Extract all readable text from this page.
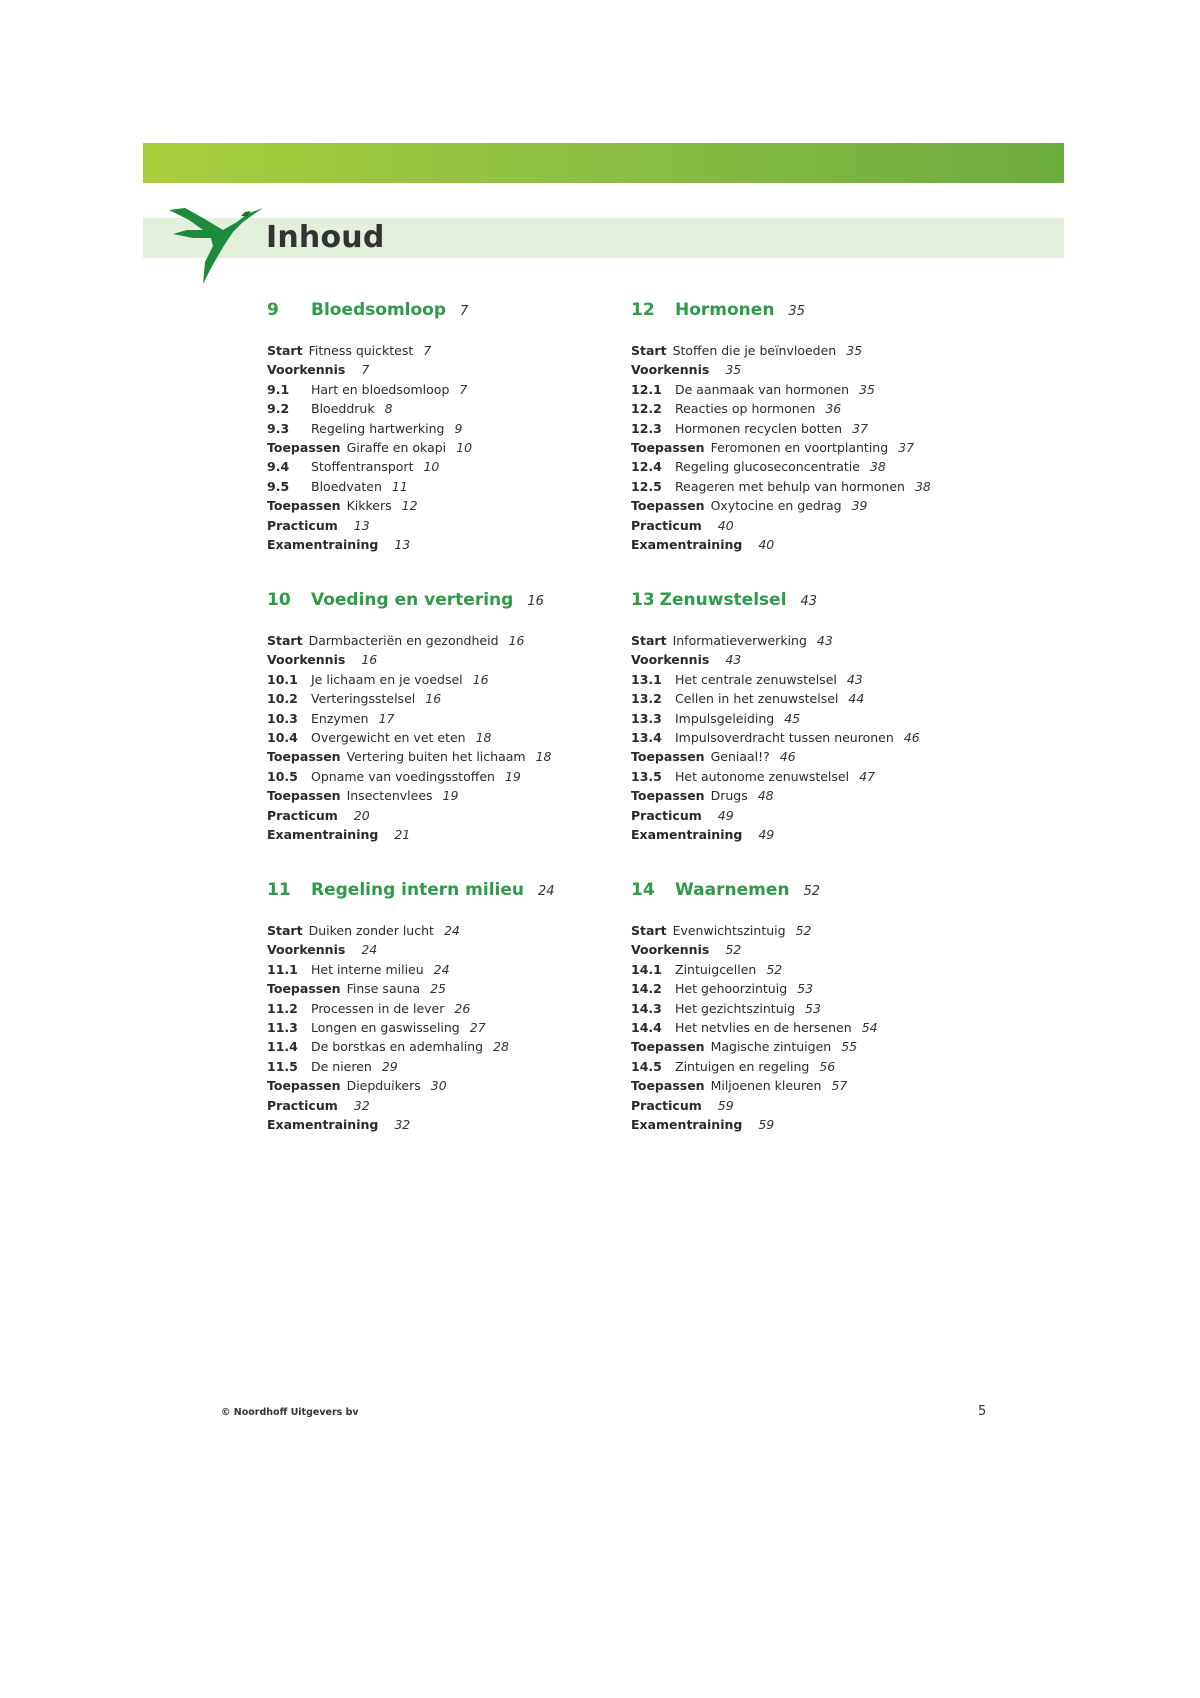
Inhoud
9 Bloedsomloop 7
Start Fitness quicktest 7
Voorkennis 7
9.1 Hart en bloedsomloop 7
9.2 Bloeddruk 8
9.3 Regeling hartwerking 9
Toepassen Giraffe en okapi 10
9.4 Stoffentransport 10
9.5 Bloedvaten 11
Toepassen Kikkers 12
Practicum 13
Examentraining 13
12 Hormonen 35
Start Stoffen die je beïnvloeden 35
Voorkennis 35
12.1 De aanmaak van hormonen 35
12.2 Reacties op hormonen 36
12.3 Hormonen recyclen botten 37
Toepassen Feromonen en voortplanting 37
12.4 Regeling glucoseconcentratie 38
12.5 Reageren met behulp van hormonen 38
Toepassen Oxytocine en gedrag 39
Practicum 40
Examentraining 40
10 Voeding en vertering 16
Start Darmbacteriën en gezondheid 16
Voorkennis 16
10.1 Je lichaam en je voedsel 16
10.2 Verteringsstelsel 16
10.3 Enzymen 17
10.4 Overgewicht en vet eten 18
Toepassen Vertering buiten het lichaam 18
10.5 Opname van voedingsstoffen 19
Toepassen Insectenvlees 19
Practicum 20
Examentraining 21
13 Zenuwstelsel 43
Start Informatieverwerking 43
Voorkennis 43
13.1 Het centrale zenuwstelsel 43
13.2 Cellen in het zenuwstelsel 44
13.3 Impulsgeleiding 45
13.4 Impulsoverdracht tussen neuronen 46
Toepassen Geniaal!? 46
13.5 Het autonome zenuwstelsel 47
Toepassen Drugs 48
Practicum 49
Examentraining 49
11 Regeling intern milieu 24
Start Duiken zonder lucht 24
Voorkennis 24
11.1 Het interne milieu 24
Toepassen Finse sauna 25
11.2 Processen in de lever 26
11.3 Longen en gaswisseling 27
11.4 De borstkas en ademhaling 28
11.5 De nieren 29
Toepassen Diepduikers 30
Practicum 32
Examentraining 32
14 Waarnemen 52
Start Evenwichtszintuig 52
Voorkennis 52
14.1 Zintuigcellen 52
14.2 Het gehoorzintuig 53
14.3 Het gezichtszintuig 53
14.4 Het netvlies en de hersenen 54
Toepassen Magische zintuigen 55
14.5 Zintuigen en regeling 56
Toepassen Miljoenen kleuren 57
Practicum 59
Examentraining 59
© Noordhoff Uitgevers bv	5
